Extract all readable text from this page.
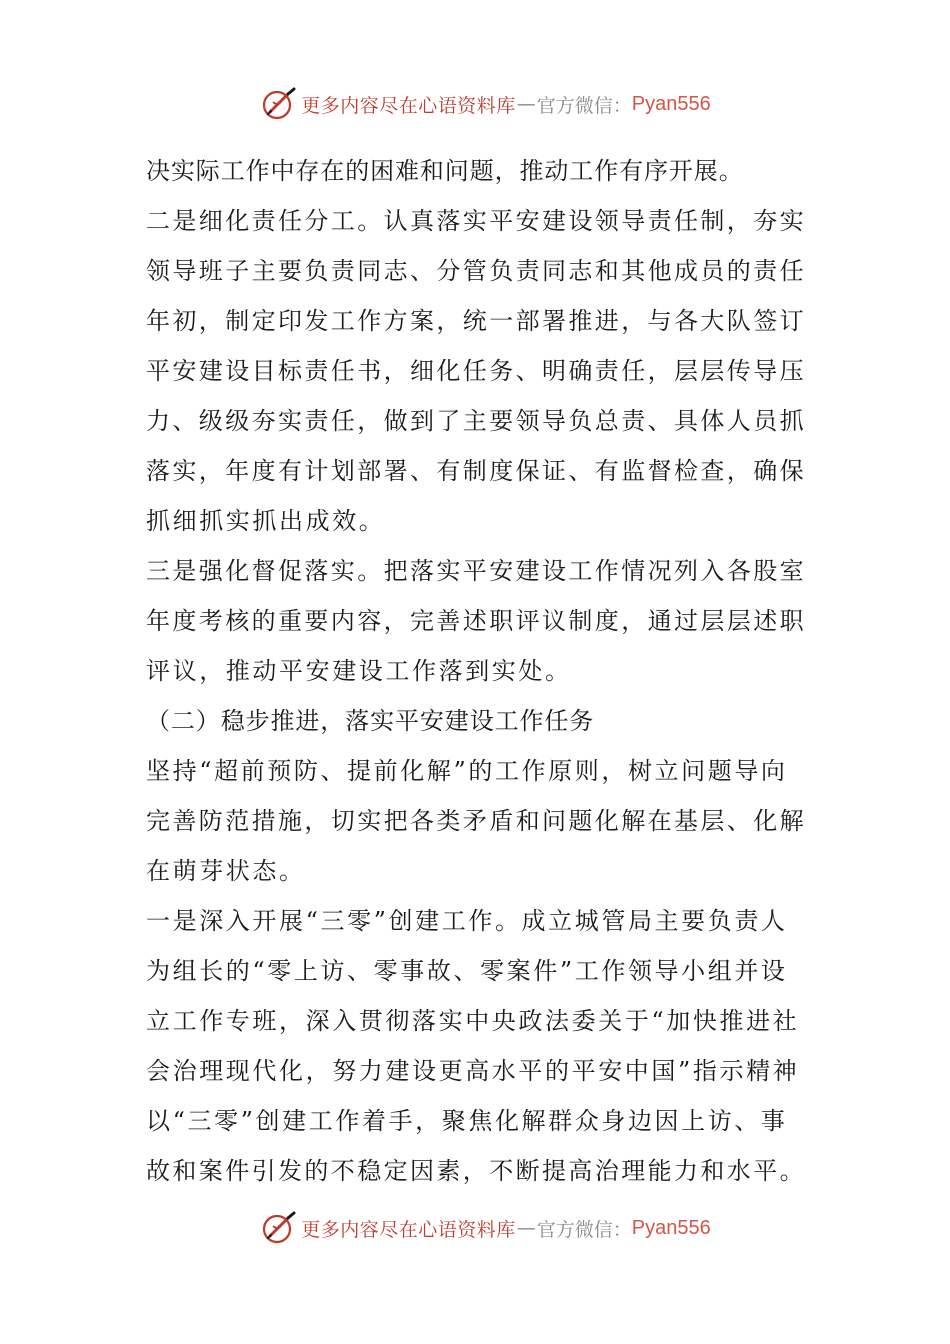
更多内容尽在心语资料库 — 官方微信： Pyan556
决实际工作中存在的困难和问题，推动工作有序开展。
二是细化责任分工。认真落实平安建设领导责任制，夯实
领导班子主要负责同志、分管负责同志和其他成员的责任
年初，制定印发工作方案，统一部署推进，与各大队签订
平安建设目标责任书，细化任务、明确责任，层层传导压
力、级级夯实责任，做到了主要领导负总责、具体人员抓
落实，年度有计划部署、有制度保证、有监督检查，确保
抓细抓实抓出成效。
三是强化督促落实。把落实平安建设工作情况列入各股室
年度考核的重要内容，完善述职评议制度，通过层层述职
评议，推动平安建设工作落到实处。
（二）稳步推进，落实平安建设工作任务
坚持“超前预防、提前化解”的工作原则，树立问题导向
完善防范措施，切实把各类矛盾和问题化解在基层、化解
在萌芽状态。
一是深入开展“三零”创建工作。成立城管局主要负责人
为组长的“零上访、零事故、零案件”工作领导小组并设
立工作专班，深入贯彻落实中央政法委关于“加快推进社
会治理现代化，努力建设更高水平的平安中国”指示精神
以“三零”创建工作着手，聚焦化解群众身边因上访、事
故和案件引发的不稳定因素，不断提高治理能力和水平。
更多内容尽在心语资料库 — 官方微信： Pyan556
